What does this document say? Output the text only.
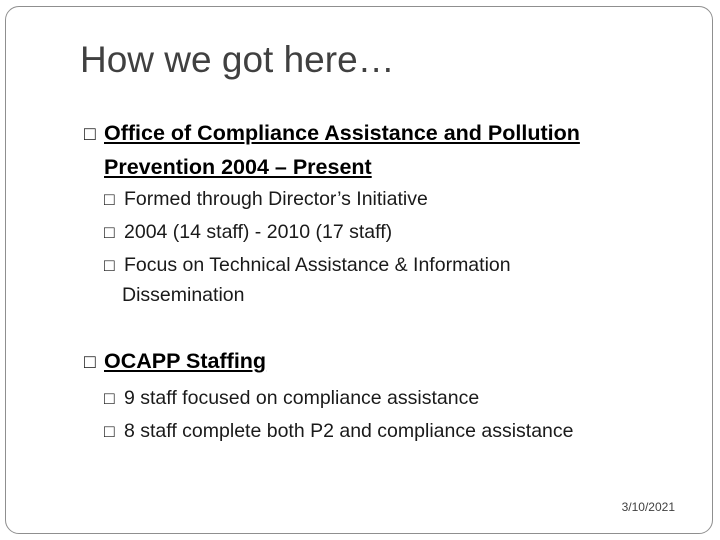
How we got here…
□ Office of Compliance Assistance and Pollution
Prevention 2004 – Present
□ Formed through Director’s Initiative
□ 2004 (14 staff) - 2010 (17 staff)
□ Focus on Technical Assistance & Information
Dissemination
□ OCAPP Staffing
□ 9 staff focused on compliance assistance
□ 8 staff complete both P2 and compliance assistance
3/10/2021
